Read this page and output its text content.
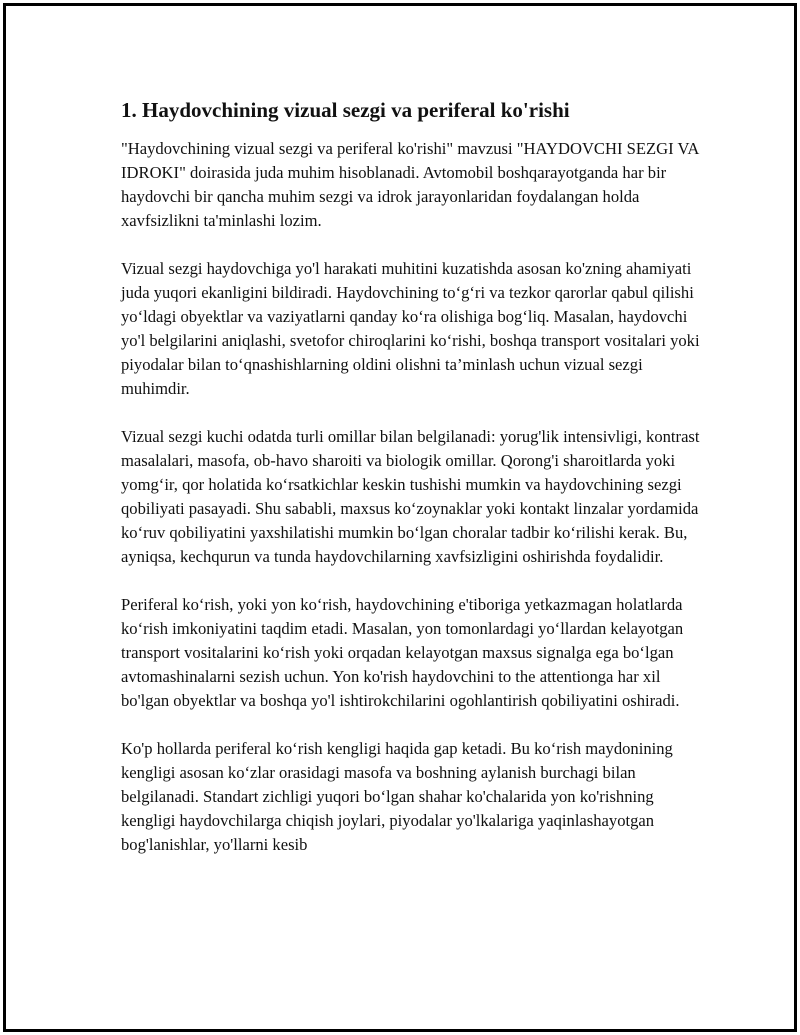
1. Haydovchining vizual sezgi va periferal ko'rishi

"Haydovchining vizual sezgi va periferal ko'rishi" mavzusi "HAYDOVCHI SEZGI VA IDROKI" doirasida juda muhim hisoblanadi. Avtomobil boshqarayotganda har bir haydovchi bir qancha muhim sezgi va idrok jarayonlaridan foydalangan holda xavfsizlikni ta'minlashi lozim.

Vizual sezgi haydovchiga yo'l harakati muhitini kuzatishda asosan ko'zning ahamiyati juda yuqori ekanligini bildiradi. Haydovchining to‘g‘ri va tezkor qarorlar qabul qilishi yo‘ldagi obyektlar va vaziyatlarni qanday ko‘ra olishiga bog‘liq. Masalan, haydovchi yo'l belgilarini aniqlashi, svetofor chiroqlarini ko‘rishi, boshqa transport vositalari yoki piyodalar bilan to‘qnashishlarning oldini olishni ta’minlash uchun vizual sezgi muhimdir.

Vizual sezgi kuchi odatda turli omillar bilan belgilanadi: yorug'lik intensivligi, kontrast masalalari, masofa, ob-havo sharoiti va biologik omillar. Qorong'i sharoitlarda yoki yomg‘ir, qor holatida ko‘rsatkichlar keskin tushishi mumkin va haydovchining sezgi qobiliyati pasayadi. Shu sababli, maxsus ko‘zoynaklar yoki kontakt linzalar yordamida ko‘ruv qobiliyatini yaxshilatishi mumkin bo‘lgan choralar tadbir ko‘rilishi kerak. Bu, ayniqsa, kechqurun va tunda haydovchilarning xavfsizligini oshirishda foydalidir.

Periferal ko‘rish, yoki yon ko‘rish, haydovchining e'tiboriga yetkazmagan holatlarda ko‘rish imkoniyatini taqdim etadi. Masalan, yon tomonlardagi yo‘llardan kelayotgan transport vositalarini ko‘rish yoki orqadan kelayotgan maxsus signalga ega bo‘lgan avtomashinalarni sezish uchun. Yon ko'rish haydovchini to the attentionga har xil bo'lgan obyektlar va boshqa yo'l ishtirokchilarini ogohlantirish qobiliyatini oshiradi.

Ko'p hollarda periferal ko‘rish kengligi haqida gap ketadi. Bu ko‘rish maydonining kengligi asosan ko‘zlar orasidagi masofa va boshning aylanish burchagi bilan belgilanadi. Standart zichligi yuqori bo‘lgan shahar ko'chalarida yon ko'rishning kengligi haydovchilarga chiqish joylari, piyodalar yo'lkalariga yaqinlashayotgan bog'lanishlar, yo'llarni kesib
